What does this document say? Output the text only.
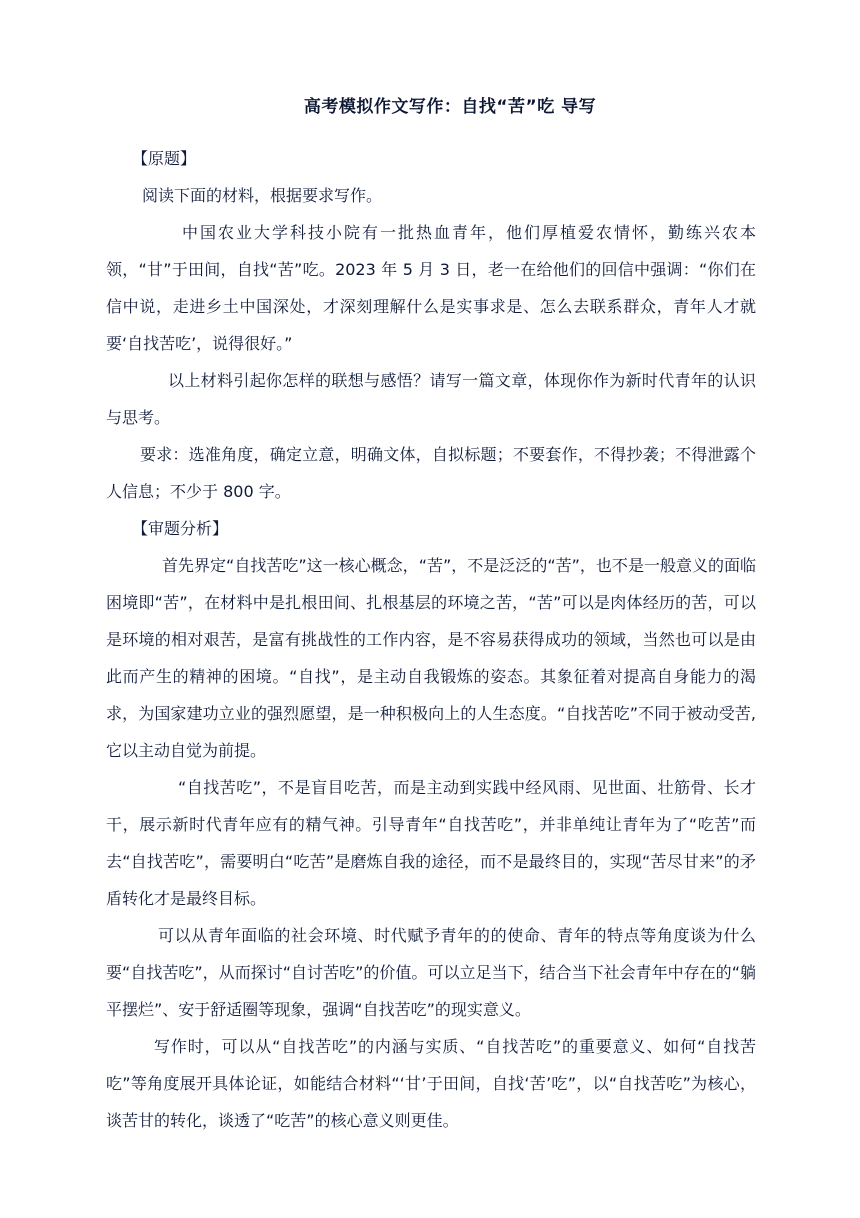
高考模拟作文写作：自找“苦”吃 导写

【原题】

阅读下面的材料，根据要求写作。

中国农业大学科技小院有一批热血青年，他们厚植爱农情怀，勤练兴农本领，“甘”于田间，自找“苦”吃。2023 年 5 月 3 日，老一在给他们的回信中强调：“你们在信中说，走进乡土中国深处，才深刻理解什么是实事求是、怎么去联系群众，青年人才就要‘自找苦吃’，说得很好。”

以上材料引起你怎样的联想与感悟？请写一篇文章，体现你作为新时代青年的认识与思考。

要求：选准角度，确定立意，明确文体，自拟标题；不要套作，不得抄袭；不得泄露个人信息；不少于 800 字。

【审题分析】

首先界定“自找苦吃”这一核心概念，“苦”，不是泛泛的“苦”，也不是一般意义的面临困境即“苦”，在材料中是扎根田间、扎根基层的环境之苦，“苦”可以是肉体经历的苦，可以是环境的相对艰苦，是富有挑战性的工作内容，是不容易获得成功的领域，当然也可以是由此而产生的精神的困境。“自找”，是主动自我锻炼的姿态。其象征着对提高自身能力的渴求，为国家建功立业的强烈愿望，是一种积极向上的人生态度。“自找苦吃”不同于被动受苦,它以主动自觉为前提。

“自找苦吃”，不是盲目吃苦，而是主动到实践中经风雨、见世面、壮筋骨、长才干，展示新时代青年应有的精气神。引导青年“自找苦吃”，并非单纯让青年为了“吃苦”而去“自找苦吃”，需要明白“吃苦”是磨炼自我的途径，而不是最终目的，实现“苦尽甘来”的矛盾转化才是最终目标。

可以从青年面临的社会环境、时代赋予青年的的使命、青年的特点等角度谈为什么要“自找苦吃”，从而探讨“自讨苦吃”的价值。可以立足当下，结合当下社会青年中存在的“躺平摆烂”、安于舒适圈等现象，强调“自找苦吃”的现实意义。

写作时，可以从“自找苦吃”的内涵与实质、“自找苦吃”的重要意义、如何“自找苦吃”等角度展开具体论证，如能结合材料“‘甘’于田间，自找‘苦’吃”，以“自找苦吃”为核心，谈苦甘的转化，谈透了“吃苦”的核心意义则更佳。
